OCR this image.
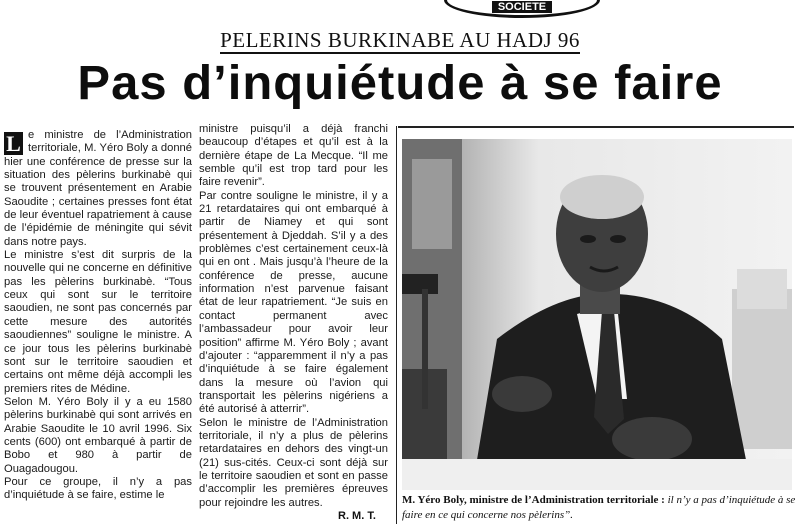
SOCIETE
PELERINS BURKINABE AU HADJ 96
Pas d’inquiétude à se faire
L e ministre de l’Administration territoriale, M. Yéro Boly a donné hier une conférence de presse sur la situation des pèlerins burkinabè qui se trouvent présentement en Arabie Saoudite ; certaines presses font état de leur éventuel rapatriement à cause de l’épidémie de méningite qui sévit dans notre pays.

Le ministre s’est dit surpris de la nouvelle qui ne concerne en définitive pas les pèlerins burkinabè. “Tous ceux qui sont sur le territoire saoudien, ne sont pas concernés par cette mesure des autorités saoudiennes” souligne le ministre. A ce jour tous les pèlerins burkinabè sont sur le territoire saoudien et certains ont même déjà accompli les premiers rites de Médine.

Selon M. Yéro Boly il y a eu 1580 pèlerins burkinabè qui sont arrivés en Arabie Saoudite le 10 avril 1996. Six cents (600) ont embarqué à partir de Bobo et 980 à partir de Ouagadougou.

Pour ce groupe, il n’y a pas d’inquiétude à se faire, estime le

ministre puisqu’il a déjà franchi beaucoup d’étapes et qu’il est à la dernière étape de La Mecque. “Il me semble qu’il est trop tard pour les faire revenir”.

Par contre souligne le ministre, il y a 21 retardataires qui ont embarqué à partir de Niamey et qui sont présentement à Djeddah. S’il y a des problèmes c’est certainement ceux-là qui en ont . Mais jusqu’à l’heure de la conférence de presse, aucune information n’est parvenue faisant état de leur rapatriement. “Je suis en contact permanent avec l’ambassadeur pour avoir leur position” affirme M. Yéro Boly ; avant d’ajouter : “apparemment il n’y a pas d’inquiétude à se faire également dans la mesure où l’avion qui transportait les pèlerins nigériens a été autorisé à atterrir”.

Selon le ministre de l’Administration territoriale, il n’y a plus de pèlerins retardataires en dehors des vingt-un (21) sus-cités. Ceux-ci sont déjà sur le territoire saoudien et sont en passe d’accomplir les premières épreuves pour rejoindre les autres.

R. M. T.
M. Yéro Boly, ministre de l’Administration territoriale : il n’y a pas d’inquiétude à se faire en ce qui concerne nos pèlerins”.
